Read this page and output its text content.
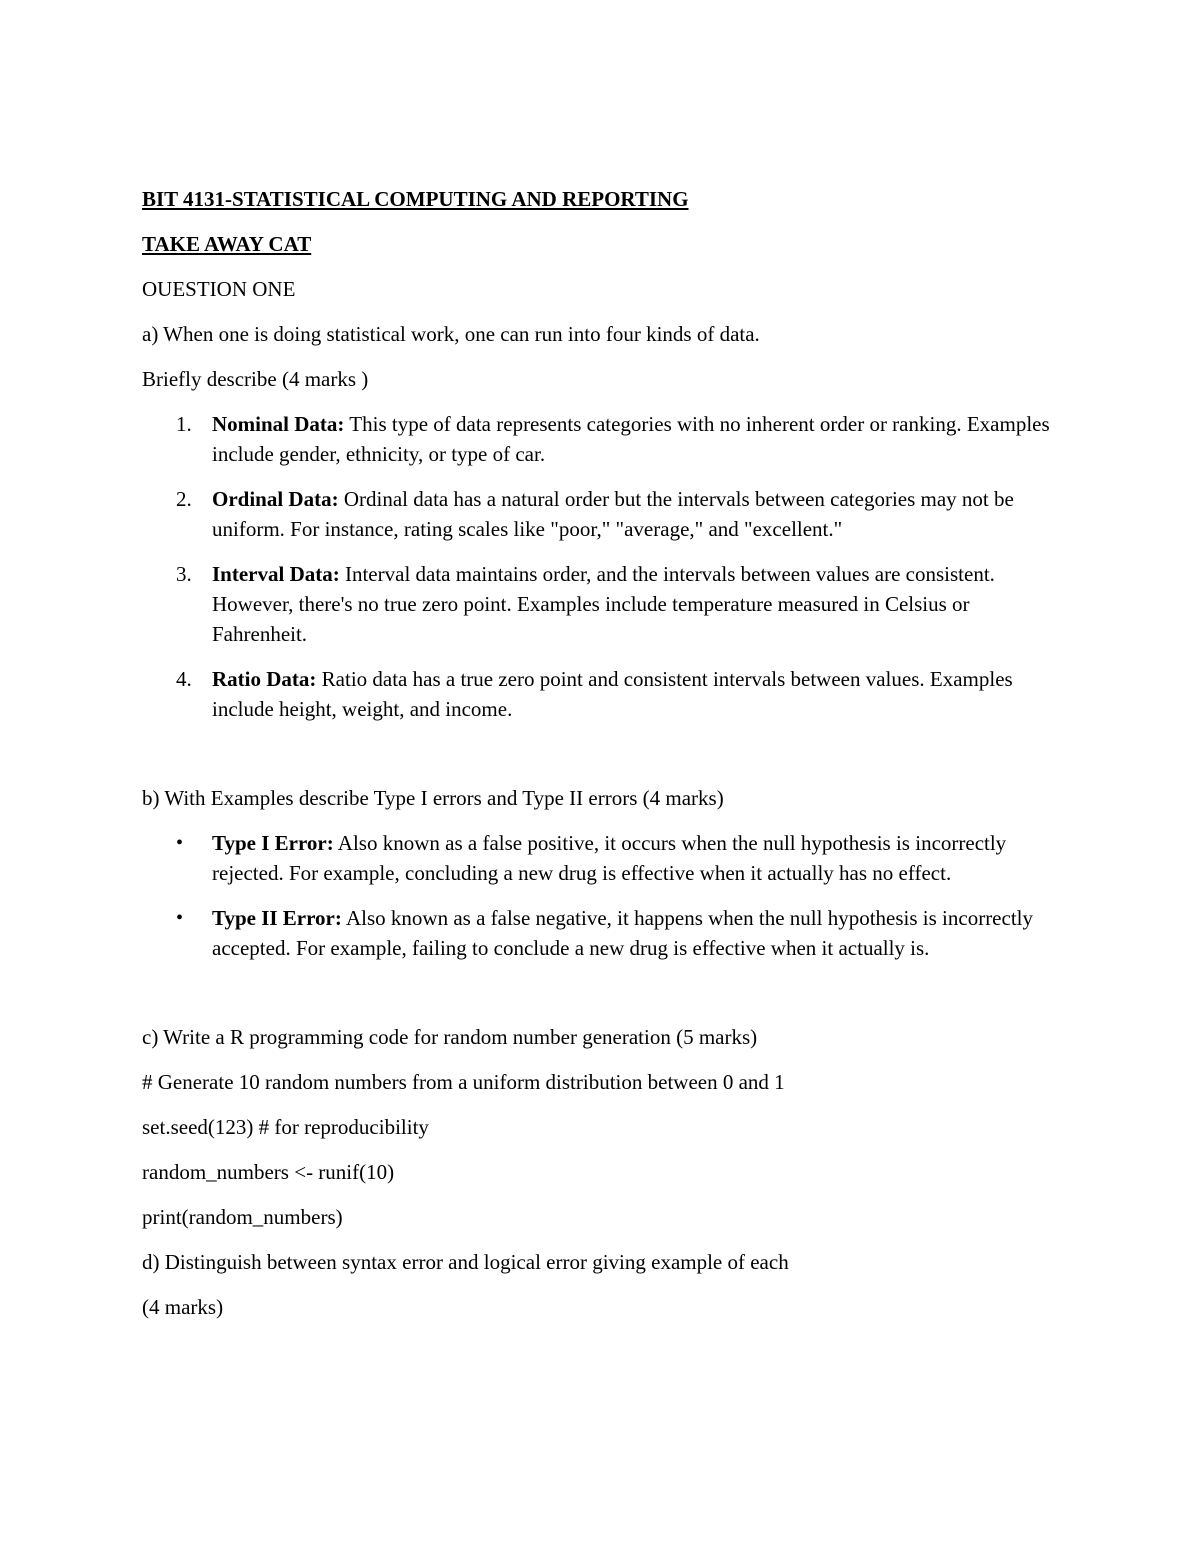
BIT 4131-STATISTICAL COMPUTING AND REPORTING
TAKE AWAY CAT
OUESTION ONE
a) When one is doing statistical work, one can run into four kinds of data.
Briefly describe (4 marks )
1. Nominal Data: This type of data represents categories with no inherent order or ranking. Examples include gender, ethnicity, or type of car.
2. Ordinal Data: Ordinal data has a natural order but the intervals between categories may not be uniform. For instance, rating scales like "poor," "average," and "excellent."
3. Interval Data: Interval data maintains order, and the intervals between values are consistent. However, there's no true zero point. Examples include temperature measured in Celsius or Fahrenheit.
4. Ratio Data: Ratio data has a true zero point and consistent intervals between values. Examples include height, weight, and income.
b) With Examples describe Type I errors and Type II errors (4 marks)
• Type I Error: Also known as a false positive, it occurs when the null hypothesis is incorrectly rejected. For example, concluding a new drug is effective when it actually has no effect.
• Type II Error: Also known as a false negative, it happens when the null hypothesis is incorrectly accepted. For example, failing to conclude a new drug is effective when it actually is.
c) Write a R programming code for random number generation (5 marks)
# Generate 10 random numbers from a uniform distribution between 0 and 1
set.seed(123) # for reproducibility
random_numbers <- runif(10)
print(random_numbers)
d) Distinguish between syntax error and logical error giving example of each
(4 marks)
